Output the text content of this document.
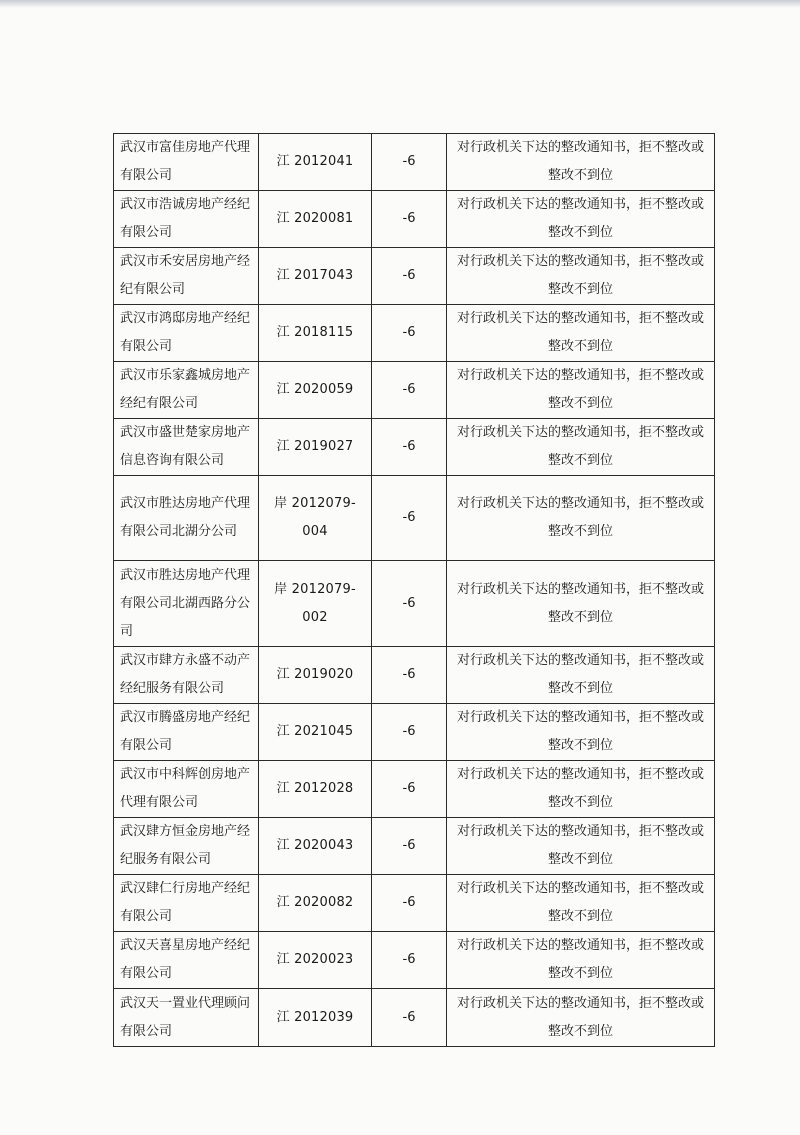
武汉市富佳房地产代理有限公司	江 2012041	-6	对行政机关下达的整改通知书，拒不整改或整改不到位
武汉市浩诚房地产经纪有限公司	江 2020081	-6	对行政机关下达的整改通知书，拒不整改或整改不到位
武汉市禾安居房地产经纪有限公司	江 2017043	-6	对行政机关下达的整改通知书，拒不整改或整改不到位
武汉市鸿邸房地产经纪有限公司	江 2018115	-6	对行政机关下达的整改通知书，拒不整改或整改不到位
武汉市乐家鑫城房地产经纪有限公司	江 2020059	-6	对行政机关下达的整改通知书，拒不整改或整改不到位
武汉市盛世楚家房地产信息咨询有限公司	江 2019027	-6	对行政机关下达的整改通知书，拒不整改或整改不到位
武汉市胜达房地产代理有限公司北湖分公司	岸 2012079-004	-6	对行政机关下达的整改通知书，拒不整改或整改不到位
武汉市胜达房地产代理有限公司北湖西路分公司	岸 2012079-002	-6	对行政机关下达的整改通知书，拒不整改或整改不到位
武汉市肆方永盛不动产经纪服务有限公司	江 2019020	-6	对行政机关下达的整改通知书，拒不整改或整改不到位
武汉市腾盛房地产经纪有限公司	江 2021045	-6	对行政机关下达的整改通知书，拒不整改或整改不到位
武汉市中科辉创房地产代理有限公司	江 2012028	-6	对行政机关下达的整改通知书，拒不整改或整改不到位
武汉肆方恒金房地产经纪服务有限公司	江 2020043	-6	对行政机关下达的整改通知书，拒不整改或整改不到位
武汉肆仁行房地产经纪有限公司	江 2020082	-6	对行政机关下达的整改通知书，拒不整改或整改不到位
武汉天喜星房地产经纪有限公司	江 2020023	-6	对行政机关下达的整改通知书，拒不整改或整改不到位
武汉天一置业代理顾问有限公司	江 2012039	-6	对行政机关下达的整改通知书，拒不整改或整改不到位
